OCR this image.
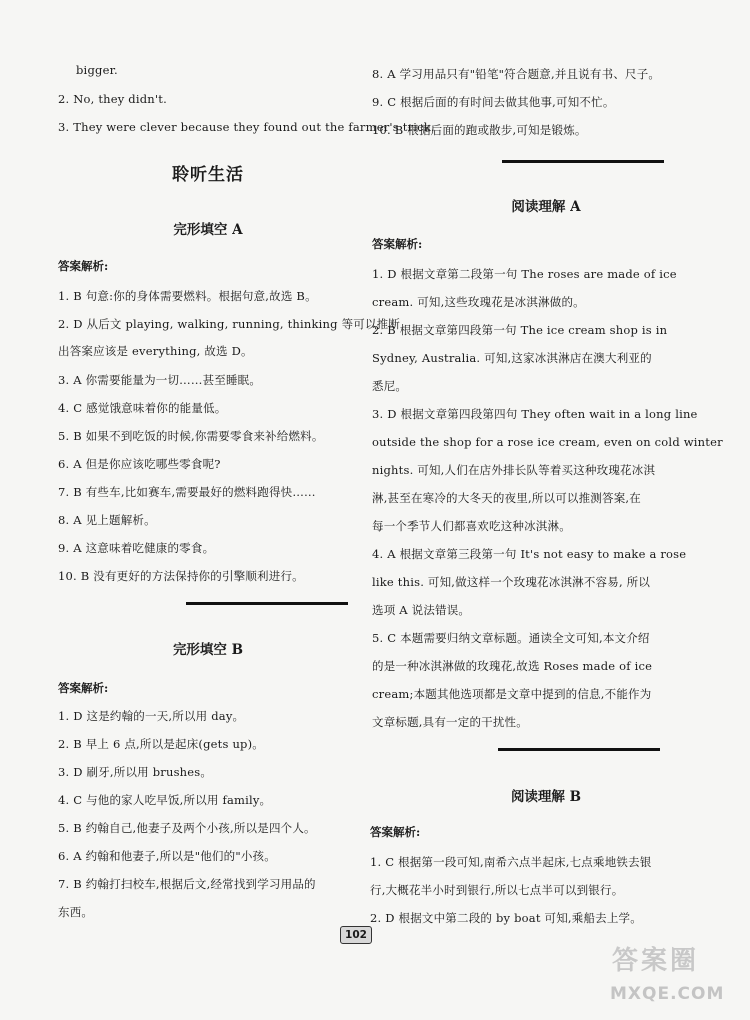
bigger.
2. No, they didn't.
3. They were clever because they found out the farmer's trick.
聆听生活
完形填空 A
答案解析:
1. B 句意:你的身体需要燃料。根据句意,故选 B。
2. D 从后文 playing, walking, running, thinking 等可以推断
出答案应该是 everything, 故选 D。
3. A 你需要能量为一切……甚至睡眠。
4. C 感觉饿意味着你的能量低。
5. B 如果不到吃饭的时候,你需要零食来补给燃料。
6. A 但是你应该吃哪些零食呢?
7. B 有些车,比如赛车,需要最好的燃料跑得快……
8. A 见上题解析。
9. A 这意味着吃健康的零食。
10. B 没有更好的方法保持你的引擎顺利进行。
完形填空 B
答案解析:
1. D 这是约翰的一天,所以用 day。
2. B 早上 6 点,所以是起床(gets up)。
3. D 刷牙,所以用 brushes。
4. C 与他的家人吃早饭,所以用 family。
5. B 约翰自己,他妻子及两个小孩,所以是四个人。
6. A 约翰和他妻子,所以是"他们的"小孩。
7. B 约翰打扫校车,根据后文,经常找到学习用品的
东西。
8. A 学习用品只有"铅笔"符合题意,并且说有书、尺子。
9. C 根据后面的有时间去做其他事,可知不忙。
10. B 根据后面的跑或散步,可知是锻炼。
阅读理解 A
答案解析:
1. D 根据文章第二段第一句 The roses are made of ice
cream. 可知,这些玫瑰花是冰淇淋做的。
2. B 根据文章第四段第一句 The ice cream shop is in
Sydney, Australia. 可知,这家冰淇淋店在澳大利亚的
悉尼。
3. D 根据文章第四段第四句 They often wait in a long line
outside the shop for a rose ice cream, even on cold winter
nights. 可知,人们在店外排长队等着买这种玫瑰花冰淇
淋,甚至在寒冷的大冬天的夜里,所以可以推测答案,在
每一个季节人们都喜欢吃这种冰淇淋。
4. A 根据文章第三段第一句 It's not easy to make a rose
like this. 可知,做这样一个玫瑰花冰淇淋不容易, 所以
选项 A 说法错误。
5. C 本题需要归纳文章标题。通读全文可知,本文介绍
的是一种冰淇淋做的玫瑰花,故选 Roses made of ice
cream;本题其他选项都是文章中提到的信息,不能作为
文章标题,具有一定的干扰性。
阅读理解 B
答案解析:
1. C 根据第一段可知,南希六点半起床,七点乘地铁去银
行,大概花半小时到银行,所以七点半可以到银行。
2. D 根据文中第二段的 by boat 可知,乘船去上学。
102
答案圈
MXQE.COM
